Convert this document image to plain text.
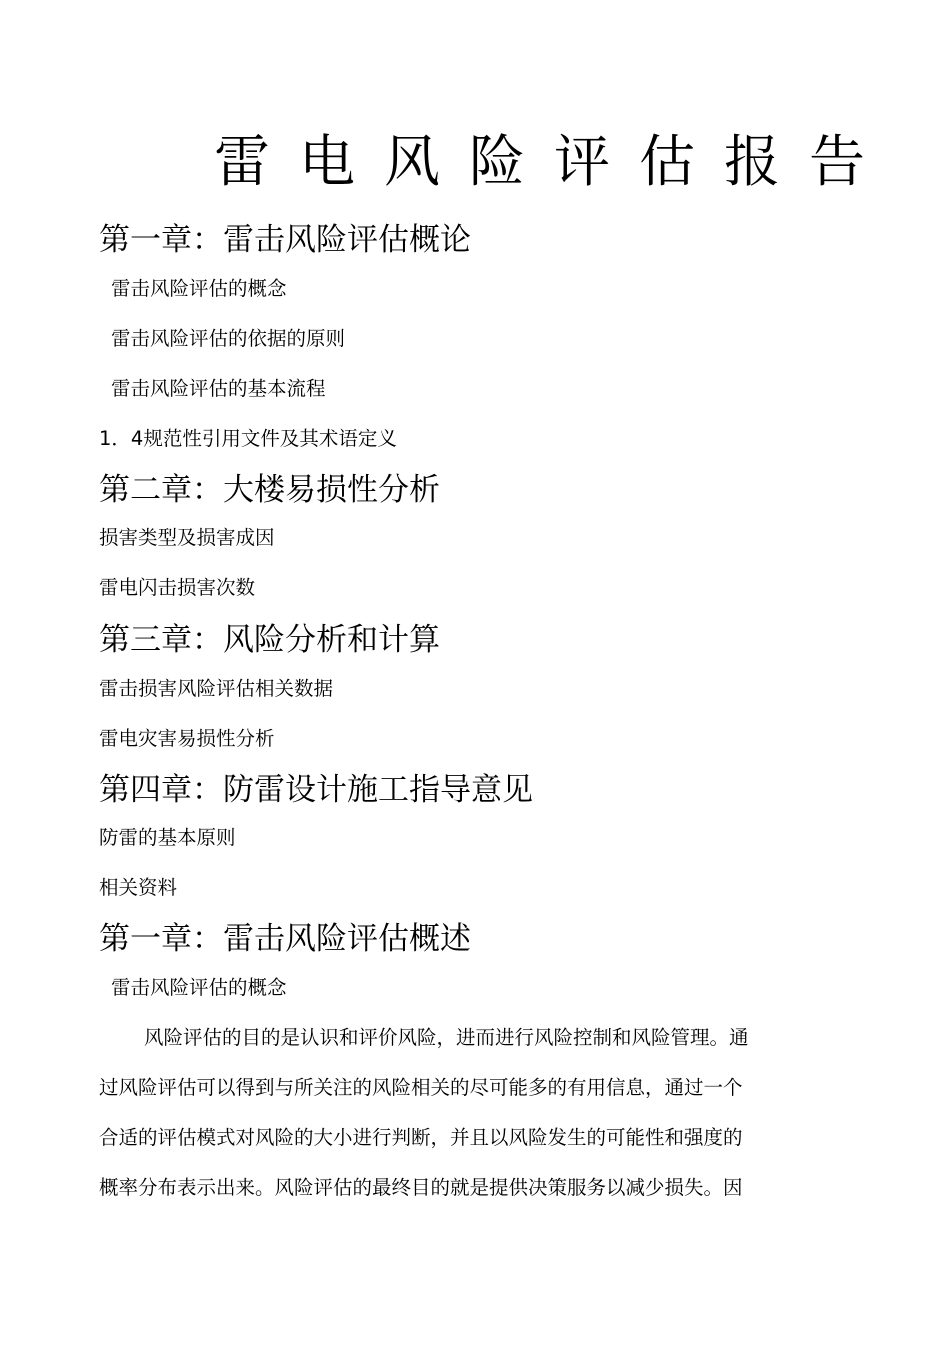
雷电风险评估报告
第一章：雷击风险评估概论

雷击风险评估的概念

雷击风险评估的依据的原则

雷击风险评估的基本流程

1．4规范性引用文件及其术语定义

第二章：大楼易损性分析

损害类型及损害成因

雷电闪击损害次数

第三章：风险分析和计算

雷击损害风险评估相关数据

雷电灾害易损性分析

第四章：防雷设计施工指导意见

防雷的基本原则

相关资料

第一章：雷击风险评估概述

雷击风险评估的概念

风险评估的目的是认识和评价风险，进而进行风险控制和风险管理。通

过风险评估可以得到与所关注的风险相关的尽可能多的有用信息，通过一个

合适的评估模式对风险的大小进行判断，并且以风险发生的可能性和强度的

概率分布表示出来。风险评估的最终目的就是提供决策服务以减少损失。因
